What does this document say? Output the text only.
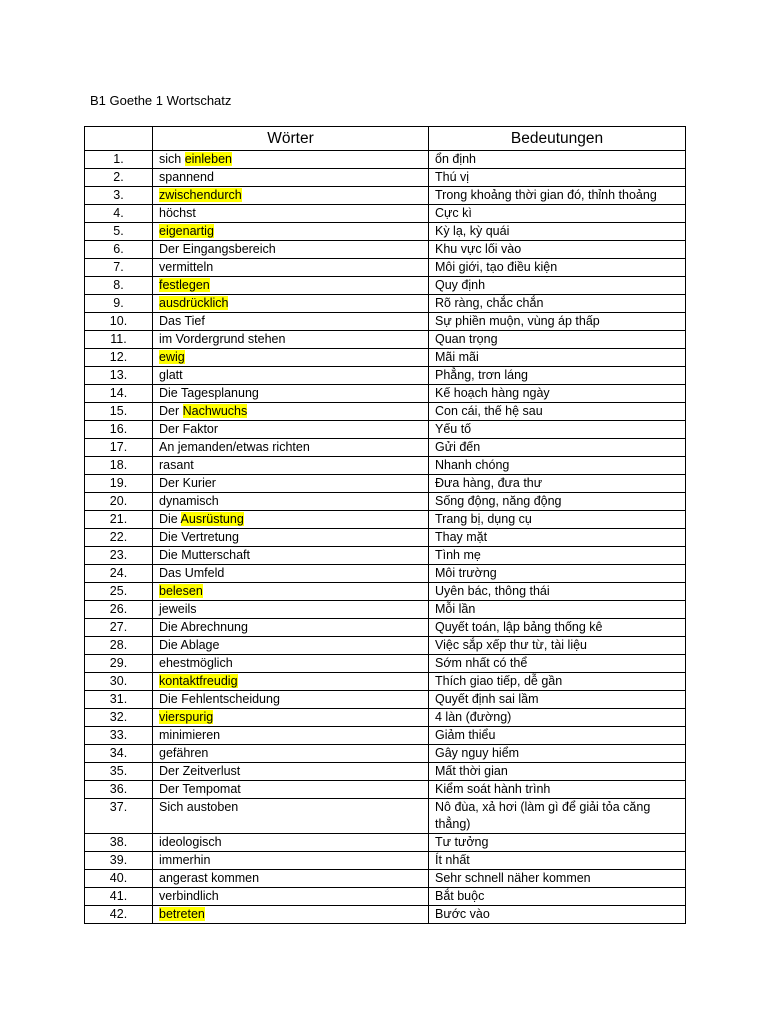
B1 Goethe 1 Wortschatz
	Wörter	Bedeutungen
1.	sich einleben	ổn định
2.	spannend	Thú vị
3.	zwischendurch	Trong khoảng thời gian đó, thỉnh thoảng
4.	höchst	Cực kì
5.	eigenartig	Kỳ lạ, kỳ quái
6.	Der Eingangsbereich	Khu vực lối vào
7.	vermitteln	Môi giới, tạo điều kiện
8.	festlegen	Quy định
9.	ausdrücklich	Rõ ràng, chắc chắn
10.	Das Tief	Sự phiền muộn, vùng áp thấp
11.	im Vordergrund stehen	Quan trọng
12.	ewig	Mãi mãi
13.	glatt	Phẳng, trơn láng
14.	Die Tagesplanung	Kế hoạch hàng ngày
15.	Der Nachwuchs	Con cái, thế hệ sau
16.	Der Faktor	Yếu tố
17.	An jemanden/etwas richten	Gửi đến
18.	rasant	Nhanh chóng
19.	Der Kurier	Đưa hàng, đưa thư
20.	dynamisch	Sống động, năng động
21.	Die Ausrüstung	Trang bị, dụng cụ
22.	Die Vertretung	Thay mặt
23.	Die Mutterschaft	Tình mẹ
24.	Das Umfeld	Môi trường
25.	belesen	Uyên bác, thông thái
26.	jeweils	Mỗi lần
27.	Die Abrechnung	Quyết toán, lập bảng thống kê
28.	Die Ablage	Việc sắp xếp thư từ, tài liệu
29.	ehestmöglich	Sớm nhất có thể
30.	kontaktfreudig	Thích giao tiếp, dễ gần
31.	Die Fehlentscheidung	Quyết định sai lầm
32.	vierspurig	4 làn (đường)
33.	minimieren	Giảm thiểu
34.	gefähren	Gây nguy hiểm
35.	Der Zeitverlust	Mất thời gian
36.	Der Tempomat	Kiểm soát hành trình
37.	Sich austoben	Nô đùa, xả hơi (làm gì để giải tỏa căng thẳng)
38.	ideologisch	Tư tưởng
39.	immerhin	Ít nhất
40.	angerast kommen	Sehr schnell näher kommen
41.	verbindlich	Bắt buộc
42.	betreten	Bước vào
